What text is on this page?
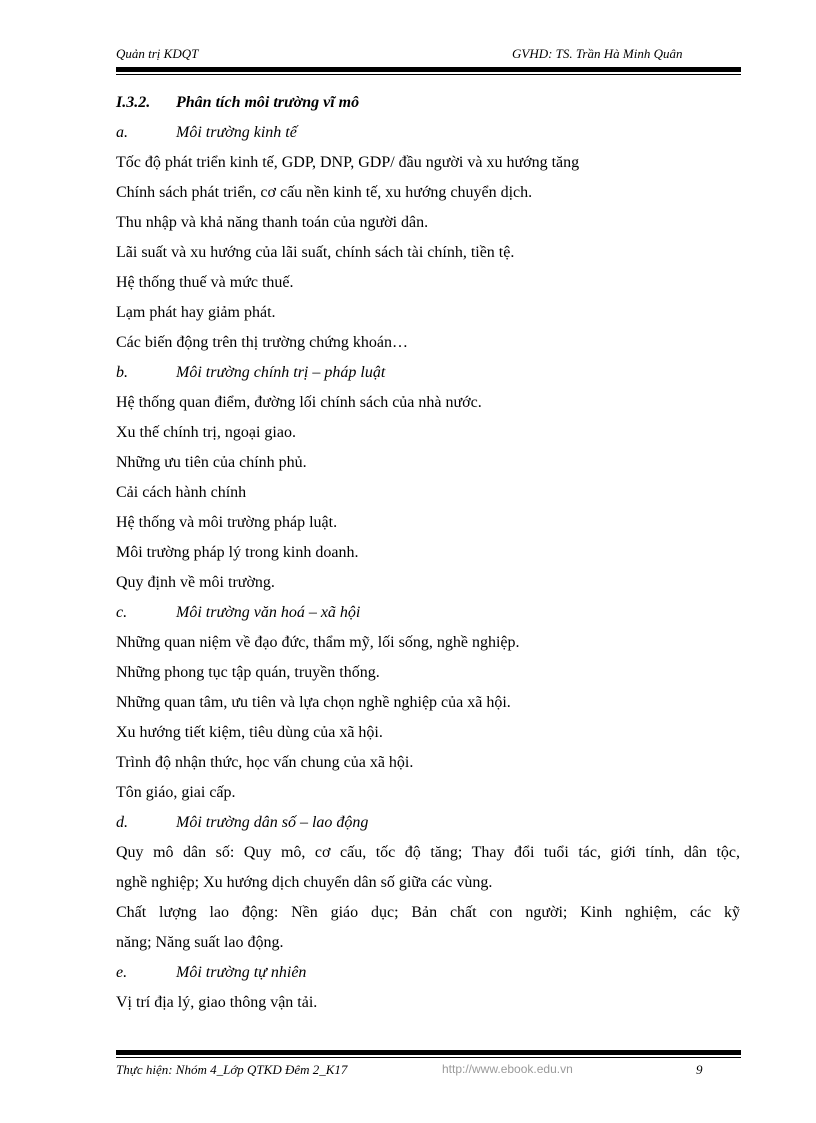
Quản trị KDQT	GVHD: TS. Trần Hà Minh Quân
I.3.2. Phân tích môi trường vĩ mô
a.	Môi trường kinh tế
Tốc độ phát triển kinh tế, GDP, DNP, GDP/ đầu người và xu hướng tăng
Chính sách phát triển, cơ cấu nền kinh tế, xu hướng chuyển dịch.
Thu nhập và khả năng thanh toán của người dân.
Lãi suất và xu hướng của lãi suất, chính sách tài chính, tiền tệ.
Hệ thống thuế và mức thuế.
Lạm phát hay giảm phát.
Các biến động trên thị trường chứng khoán…
b.	Môi trường chính trị – pháp luật
Hệ thống quan điểm, đường lối chính sách của nhà nước.
Xu thế chính trị, ngoại giao.
Những ưu tiên của chính phủ.
Cải cách hành chính
Hệ thống và môi trường pháp luật.
Môi trường pháp lý trong kinh doanh.
Quy định về môi trường.
c.	Môi trường văn hoá – xã hội
Những quan niệm về đạo đức, thẩm mỹ, lối sống, nghề nghiệp.
Những phong tục tập quán, truyền thống.
Những quan tâm, ưu tiên và lựa chọn nghề nghiệp của xã hội.
Xu hướng tiết kiệm, tiêu dùng của xã hội.
Trình độ nhận thức, học vấn chung của xã hội.
Tôn giáo, giai cấp.
d.	Môi trường dân số – lao động
Quy mô dân số: Quy mô, cơ cấu, tốc độ tăng; Thay đổi tuổi tác, giới tính, dân tộc,
nghề nghiệp; Xu hướng dịch chuyển dân số giữa các vùng.
Chất lượng lao động: Nền giáo dục; Bản chất con người; Kinh nghiệm, các kỹ
năng; Năng suất lao động.
e.	Môi trường tự nhiên
Vị trí địa lý, giao thông vận tải.
Thực hiện: Nhóm 4_Lớp QTKD Đêm 2_K17	http://www.ebook.edu.vn	9
